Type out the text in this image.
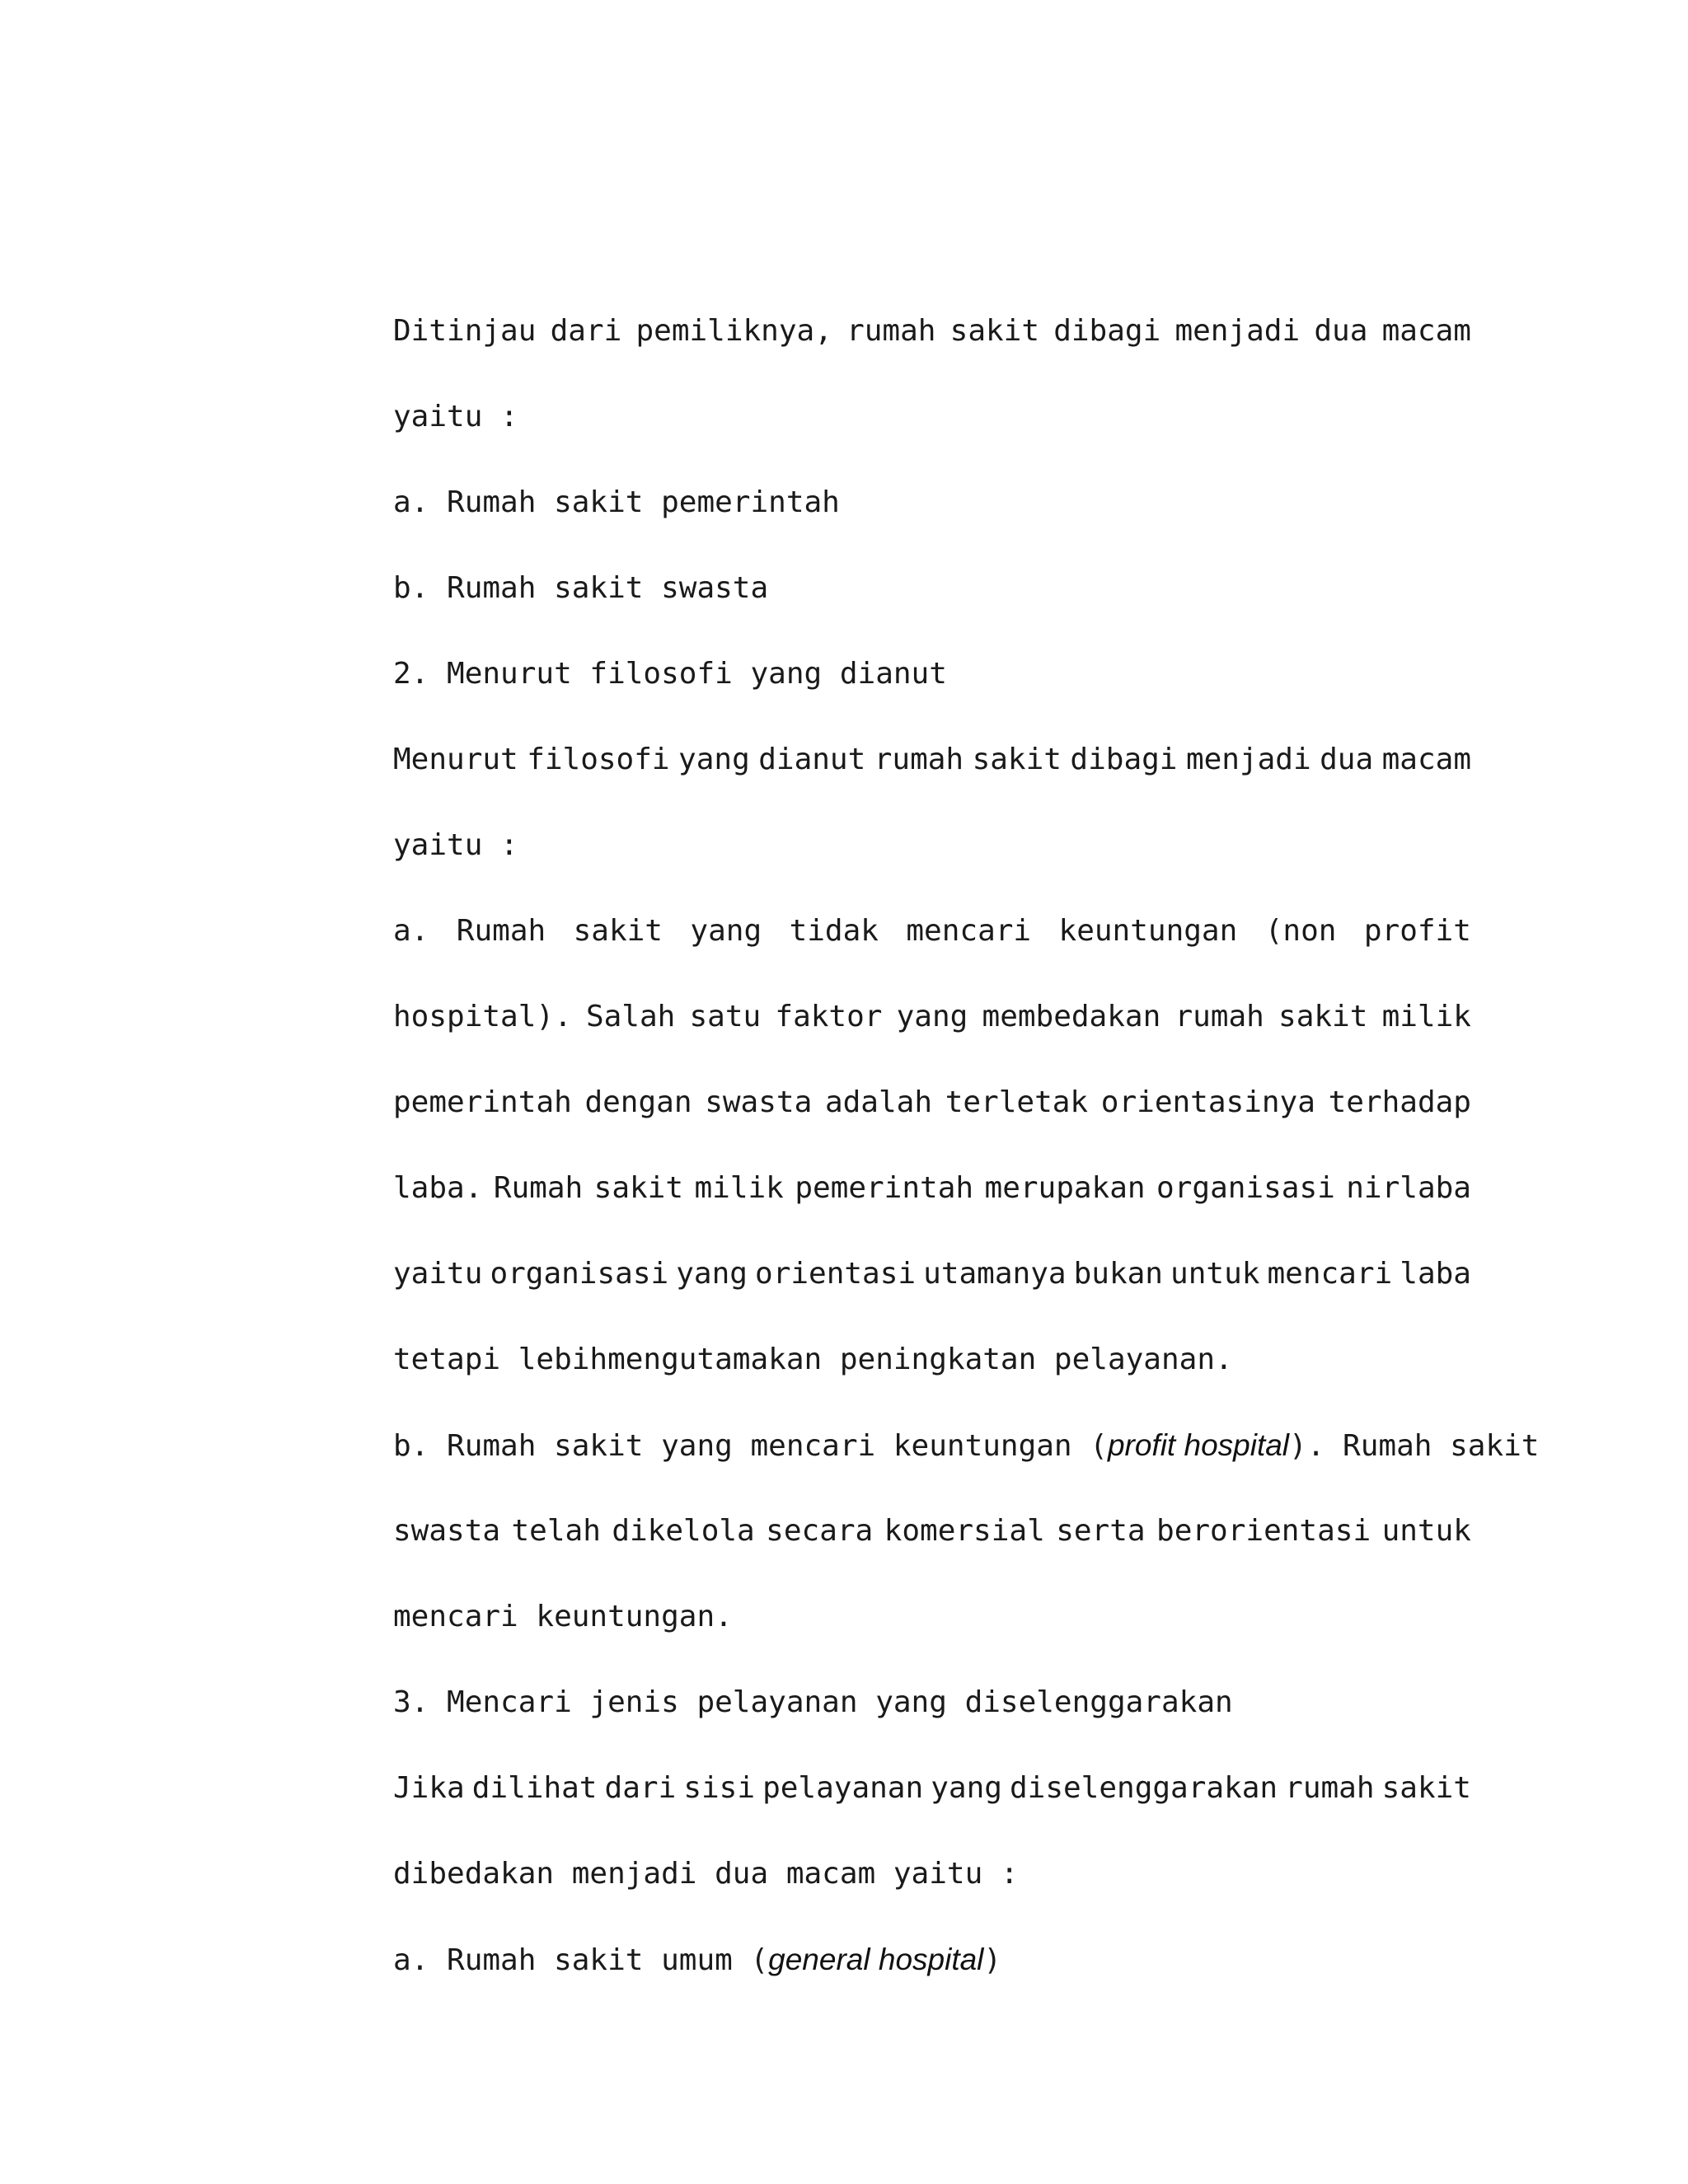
Ditinjau dari pemiliknya, rumah sakit dibagi menjadi dua macam
yaitu :
a. Rumah sakit pemerintah
b. Rumah sakit swasta
2. Menurut filosofi yang dianut
Menurut filosofi yang dianut rumah sakit dibagi menjadi dua macam
yaitu :
a. Rumah sakit yang tidak mencari keuntungan (non profit
hospital). Salah satu faktor yang membedakan rumah sakit milik
pemerintah dengan swasta adalah terletak orientasinya terhadap
laba. Rumah sakit milik pemerintah merupakan organisasi nirlaba
yaitu organisasi yang orientasi utamanya bukan untuk mencari laba
tetapi lebihmengutamakan peningkatan pelayanan.
b. Rumah sakit yang mencari keuntungan (profit hospital). Rumah sakit
swasta telah dikelola secara komersial serta berorientasi untuk
mencari keuntungan.
3. Mencari jenis pelayanan yang diselenggarakan
Jika dilihat dari sisi pelayanan yang diselenggarakan rumah sakit
dibedakan menjadi dua macam yaitu :
a. Rumah sakit umum (general hospital)
